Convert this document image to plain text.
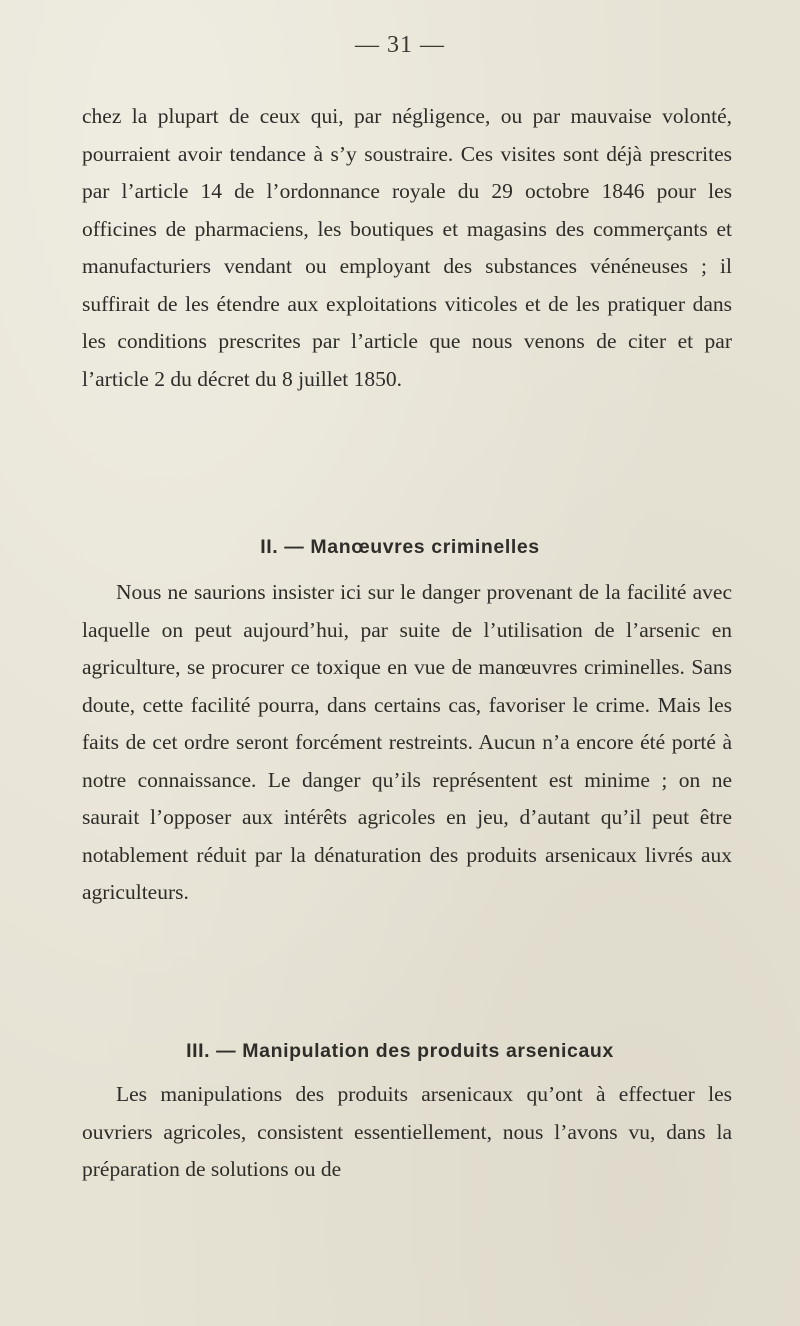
— 31 —

chez la plupart de ceux qui, par négligence, ou par mauvaise volonté, pourraient avoir tendance à s’y soustraire. Ces visites sont déjà prescrites par l’article 14 de l’ordonnance royale du 29 octobre 1846 pour les officines de pharmaciens, les boutiques et magasins des commerçants et manufacturiers vendant ou employant des substances vénéneuses ; il suffirait de les étendre aux exploitations viticoles et de les pratiquer dans les conditions prescrites par l’article que nous venons de citer et par l’article 2 du décret du 8 juillet 1850.

II. — Manœuvres criminelles

Nous ne saurions insister ici sur le danger provenant de la facilité avec laquelle on peut aujourd’hui, par suite de l’utilisation de l’arsenic en agriculture, se procurer ce toxique en vue de manœuvres criminelles. Sans doute, cette facilité pourra, dans certains cas, favoriser le crime. Mais les faits de cet ordre seront forcément restreints. Aucun n’a encore été porté à notre connaissance. Le danger qu’ils représentent est minime ; on ne saurait l’opposer aux intérêts agricoles en jeu, d’autant qu’il peut être notablement réduit par la dénaturation des produits arsenicaux livrés aux agriculteurs.

III. — Manipulation des produits arsenicaux

Les manipulations des produits arsenicaux qu’ont à effectuer les ouvriers agricoles, consistent essentiellement, nous l’avons vu, dans la préparation de solutions ou de
